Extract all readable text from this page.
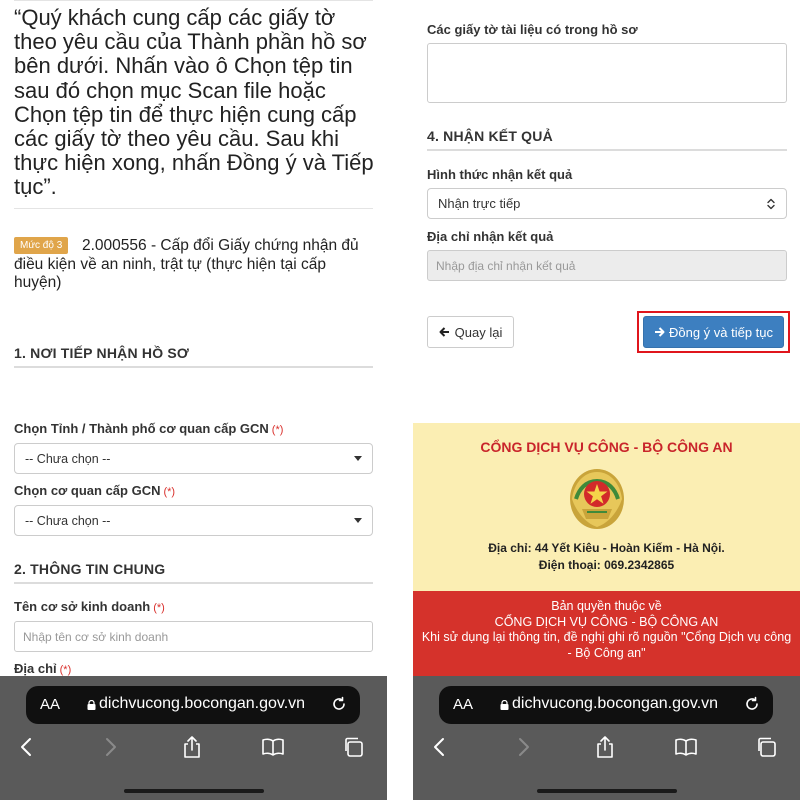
“Quý khách cung cấp các giấy tờ theo yêu cầu của Thành phần hồ sơ bên dưới. Nhấn vào ô Chọn tệp tin sau đó chọn mục Scan file hoặc Chọn tệp tin để thực hiện cung cấp các giấy tờ theo yêu cầu. Sau khi thực hiện xong, nhấn Đồng ý và Tiếp tục”.
2.000556 - Cấp đổi Giấy chứng nhận đủ điều kiện về an ninh, trật tự (thực hiện tại cấp huyện)
Mức độ 3
1. NƠI TIẾP NHẬN HỒ SƠ
Chọn Tỉnh / Thành phố cơ quan cấp GCN (*)
-- Chưa chọn --
Chọn cơ quan cấp GCN (*)
-- Chưa chọn --
2. THÔNG TIN CHUNG
Tên cơ sở kinh doanh (*)
Nhập tên cơ sở kinh doanh
Địa chỉ (*)
AA dichvucong.bocongan.gov.vn
Các giấy tờ tài liệu có trong hồ sơ
4. NHẬN KẾT QUẢ
Hình thức nhận kết quả
Nhận trực tiếp
Địa chỉ nhận kết quả
Nhập địa chỉ nhận kết quả
Quay lại	Đồng ý và tiếp tục
CỔNG DỊCH VỤ CÔNG - BỘ CÔNG AN
Địa chỉ: 44 Yết Kiêu - Hoàn Kiếm - Hà Nội.
Điện thoại: 069.2342865
Bản quyền thuộc về
CỔNG DỊCH VỤ CÔNG - BỘ CÔNG AN
Khi sử dụng lại thông tin, đề nghị ghi rõ nguồn "Cổng Dịch vụ công - Bộ Công an"
AA dichvucong.bocongan.gov.vn
